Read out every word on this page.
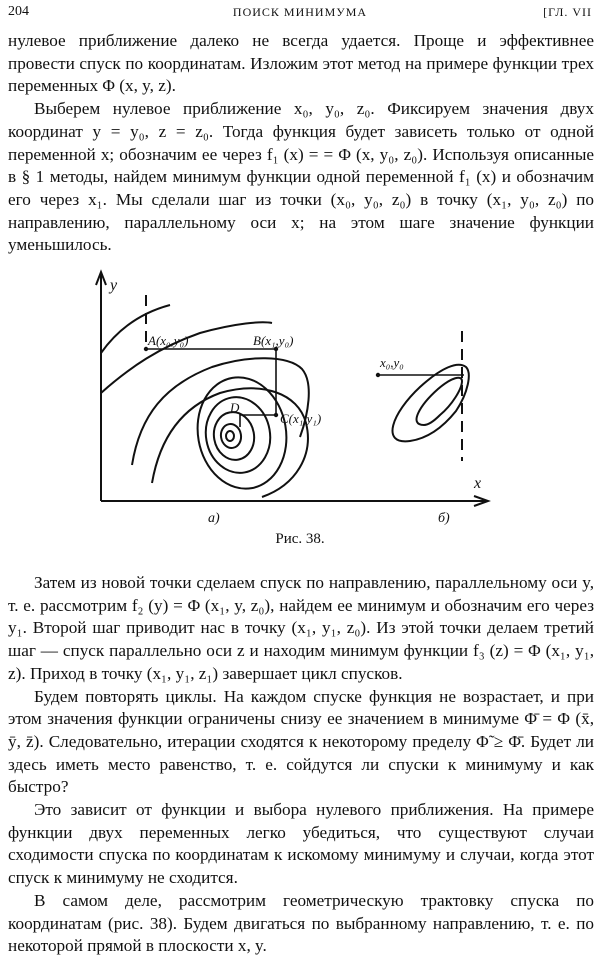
204	ПОИСК МИНИМУМА	[ГЛ. VII

нулевое приближение далеко не всегда удается. Проще и эффективнее провести спуск по координатам. Изложим этот метод на примере функции трех переменных Φ (x, y, z).

Выберем нулевое приближение x₀, y₀, z₀. Фиксируем значения двух координат y = y₀, z = z₀. Тогда функция будет зависеть только от одной переменной x; обозначим ее через f₁ (x) = = Φ (x, y₀, z₀). Используя описанные в § 1 методы, найдем минимум функции одной переменной f₁ (x) и обозначим его через x₁. Мы сделали шаг из точки (x₀, y₀, z₀) в точку (x₁, y₀, z₀) по направлению, параллельному оси x; на этом шаге значение функции уменьшилось.

y
x
A(x₀,y₀)	B(x₁,y₀)
C(x₁,y₁)
D
x₀,y₀
a)	б)
Рис. 38.

Затем из новой точки сделаем спуск по направлению, параллельному оси y, т. е. рассмотрим f₂ (y) = Φ (x₁, y, z₀), найдем ее минимум и обозначим его через y₁. Второй шаг приводит нас в точку (x₁, y₁, z₀). Из этой точки делаем третий шаг — спуск параллельно оси z и находим минимум функции f₃ (z) = Φ (x₁, y₁, z). Приход в точку (x₁, y₁, z₁) завершает цикл спусков.

Будем повторять циклы. На каждом спуске функция не возрастает, и при этом значения функции ограничены снизу ее значением в минимуме Φ̄ = Φ (x̄, ȳ, z̄). Следовательно, итерации сходятся к некоторому пределу Φ̃ ≥ Φ̄. Будет ли здесь иметь место равенство, т. е. сойдутся ли спуски к минимуму и как быстро?

Это зависит от функции и выбора нулевого приближения. На примере функции двух переменных легко убедиться, что существуют случаи сходимости спуска по координатам к искомому минимуму и случаи, когда этот спуск к минимуму не сходится.

В самом деле, рассмотрим геометрическую трактовку спуска по координатам (рис. 38). Будем двигаться по выбранному направлению, т. е. по некоторой прямой в плоскости x, y.
